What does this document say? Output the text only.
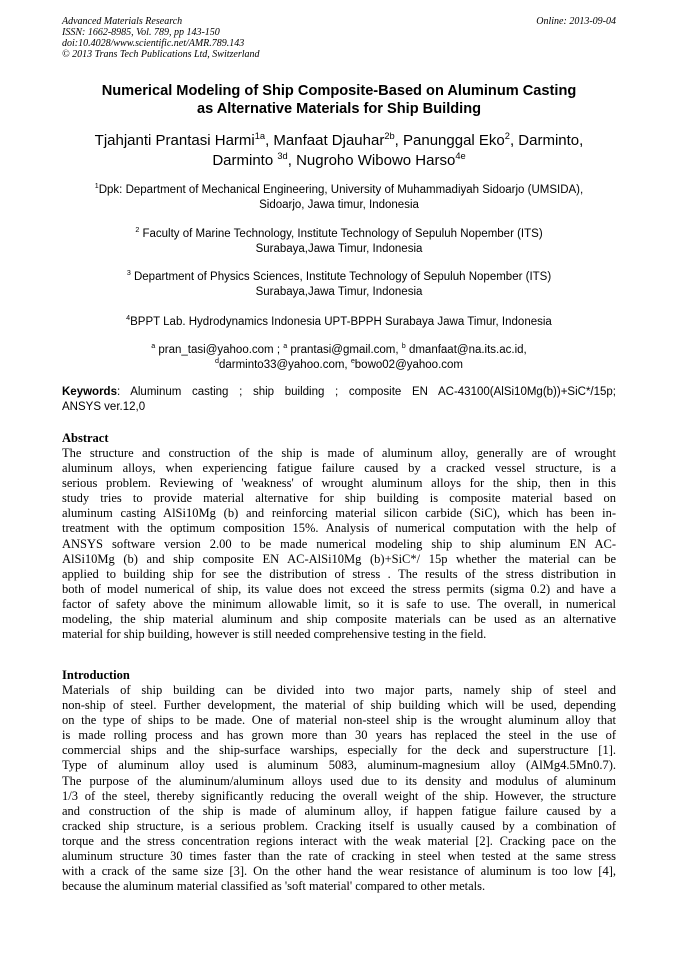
Advanced Materials Research
ISSN: 1662-8985, Vol. 789, pp 143-150
doi:10.4028/www.scientific.net/AMR.789.143
© 2013 Trans Tech Publications Ltd, Switzerland
Online: 2013-09-04
Numerical Modeling of Ship Composite-Based on Aluminum Casting
as Alternative Materials for Ship Building
Tjahjanti Prantasi Harmi$^{1a}$, Manfaat Djauhar$^{2b}$, Panunggal Eko$^2$, Darminto,
Darminto $^{3d}$, Nugroho Wibowo Harso$^{4e}$
$^1$Dpk: Department of Mechanical Engineering, University of Muhammadiyah Sidoarjo (UMSIDA),
Sidoarjo, Jawa timur, Indonesia
$^2$ Faculty of Marine Technology, Institute Technology of Sepuluh Nopember (ITS)
Surabaya,Jawa Timur, Indonesia
$^3$ Department of Physics Sciences, Institute Technology of Sepuluh Nopember (ITS)
Surabaya,Jawa Timur, Indonesia
$^4$BPPT Lab. Hydrodynamics Indonesia UPT-BPPH Surabaya Jawa Timur, Indonesia
$^a$ pran_tasi@yahoo.com ; $^a$ prantasi@gmail.com, $^b$ dmanfaat@na.its.ac.id,
$^d$darminto33@yahoo.com, $^e$bowo02@yahoo.com
Keywords: Aluminum casting ; ship building ; composite EN AC-43100(AlSi10Mg(b))+SiC*/15p;
ANSYS ver.12,0
Abstract
The structure and construction of the ship is made of aluminum alloy, generally are of wrought
aluminum alloys, when experiencing fatigue failure caused by a cracked vessel structure, is a
serious problem. Reviewing of 'weakness' of wrought aluminum alloys for the ship, then in this
study tries to provide material alternative for ship building is composite material based on
aluminum casting AlSi10Mg (b) and reinforcing material silicon carbide (SiC), which has been in-
treatment with the optimum composition 15%. Analysis of numerical computation with the help of
ANSYS software version 2.00 to be made numerical modeling ship to ship aluminum EN AC-
AlSi10Mg (b) and ship composite EN AC-AlSi10Mg (b)+SiC*/ 15p whether the material can be
applied to building ship for see the distribution of stress . The results of the stress distribution in
both of model numerical of ship, its value does not exceed the stress permits (sigma 0.2) and have a
factor of safety above the minimum allowable limit, so it is safe to use. The overall, in numerical
modeling, the ship material aluminum and ship composite materials can be used as an alternative
material for ship building, however is still needed comprehensive testing in the field.
Introduction
Materials of ship building can be divided into two major parts, namely ship of steel and
non-ship of steel. Further development, the material of ship building which will be used, depending
on the type of ships to be made. One of material non-steel ship is the wrought aluminum alloy that
is made rolling process and has grown more than 30 years has replaced the steel in the use of
commercial ships and the ship-surface warships, especially for the deck and superstructure [1].
Type of aluminum alloy used is aluminum 5083, aluminum-magnesium alloy (AlMg4.5Mn0.7).
The purpose of the aluminum/aluminum alloys used due to its density and modulus of aluminum
1/3 of the steel, thereby significantly reducing the overall weight of the ship. However, the structure
and construction of the ship is made of aluminum alloy, if happen fatigue failure caused by a
cracked ship structure, is a serious problem. Cracking itself is usually caused by a combination of
torque and the stress concentration regions interact with the weak material [2]. Cracking pace on the
aluminum structure 30 times faster than the rate of cracking in steel when tested at the same stress
with a crack of the same size [3]. On the other hand the wear resistance of aluminum is too low [4],
because the aluminum material classified as 'soft material' compared to other metals.
